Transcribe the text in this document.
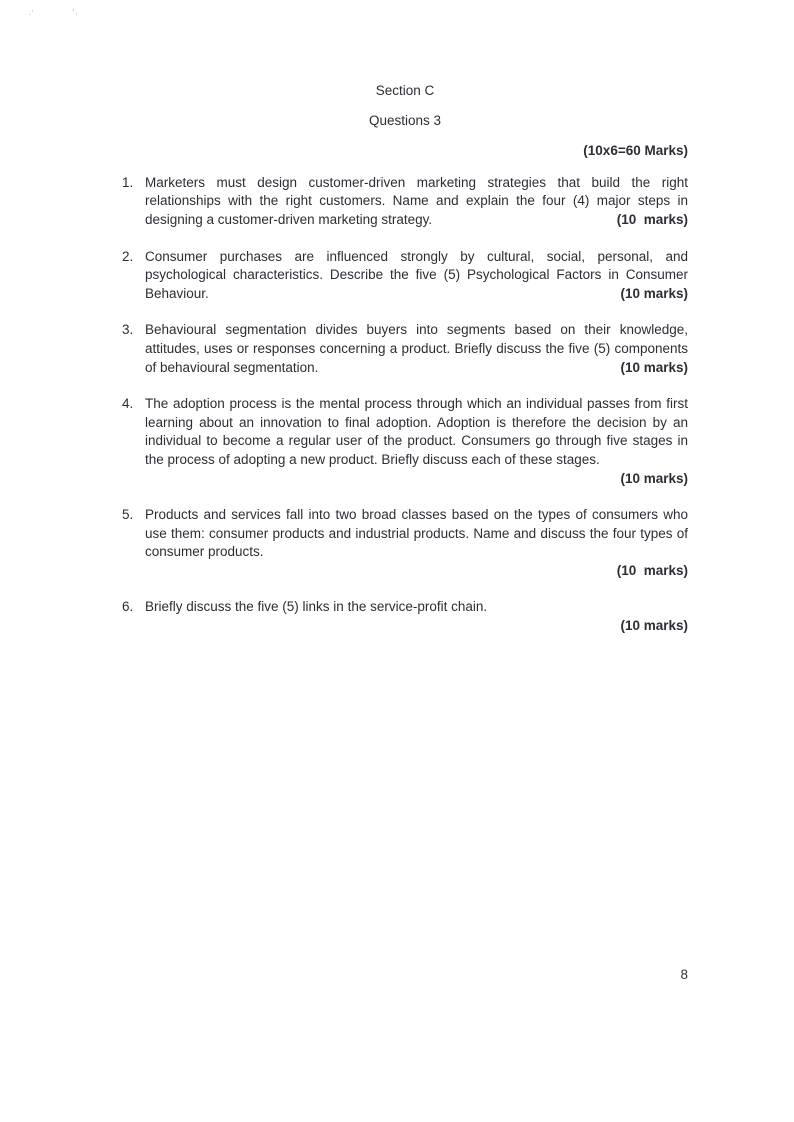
·’	ʻ·
·
Section C
Questions 3
(10x6=60 Marks)
1. Marketers must design customer-driven marketing strategies that build the right relationships with the right customers. Name and explain the four (4) major steps in designing a customer-driven marketing strategy.	(10  marks)
2. Consumer purchases are influenced strongly by cultural, social, personal, and psychological characteristics. Describe the five (5) Psychological Factors in Consumer Behaviour.	(10 marks)
3. Behavioural segmentation divides buyers into segments based on their knowledge, attitudes, uses or responses concerning a product. Briefly discuss the five (5) components of behavioural segmentation.	(10 marks)
4. The adoption process is the mental process through which an individual passes from first learning about an innovation to final adoption. Adoption is therefore the decision by an individual to become a regular user of the product. Consumers go through five stages in the process of adopting a new product. Briefly discuss each of these stages.

(10 marks)
5. Products and services fall into two broad classes based on the types of consumers who use them: consumer products and industrial products. Name and discuss the four types of consumer products.

(10  marks)
6. Briefly discuss the five (5) links in the service-profit chain.

(10 marks)
8
